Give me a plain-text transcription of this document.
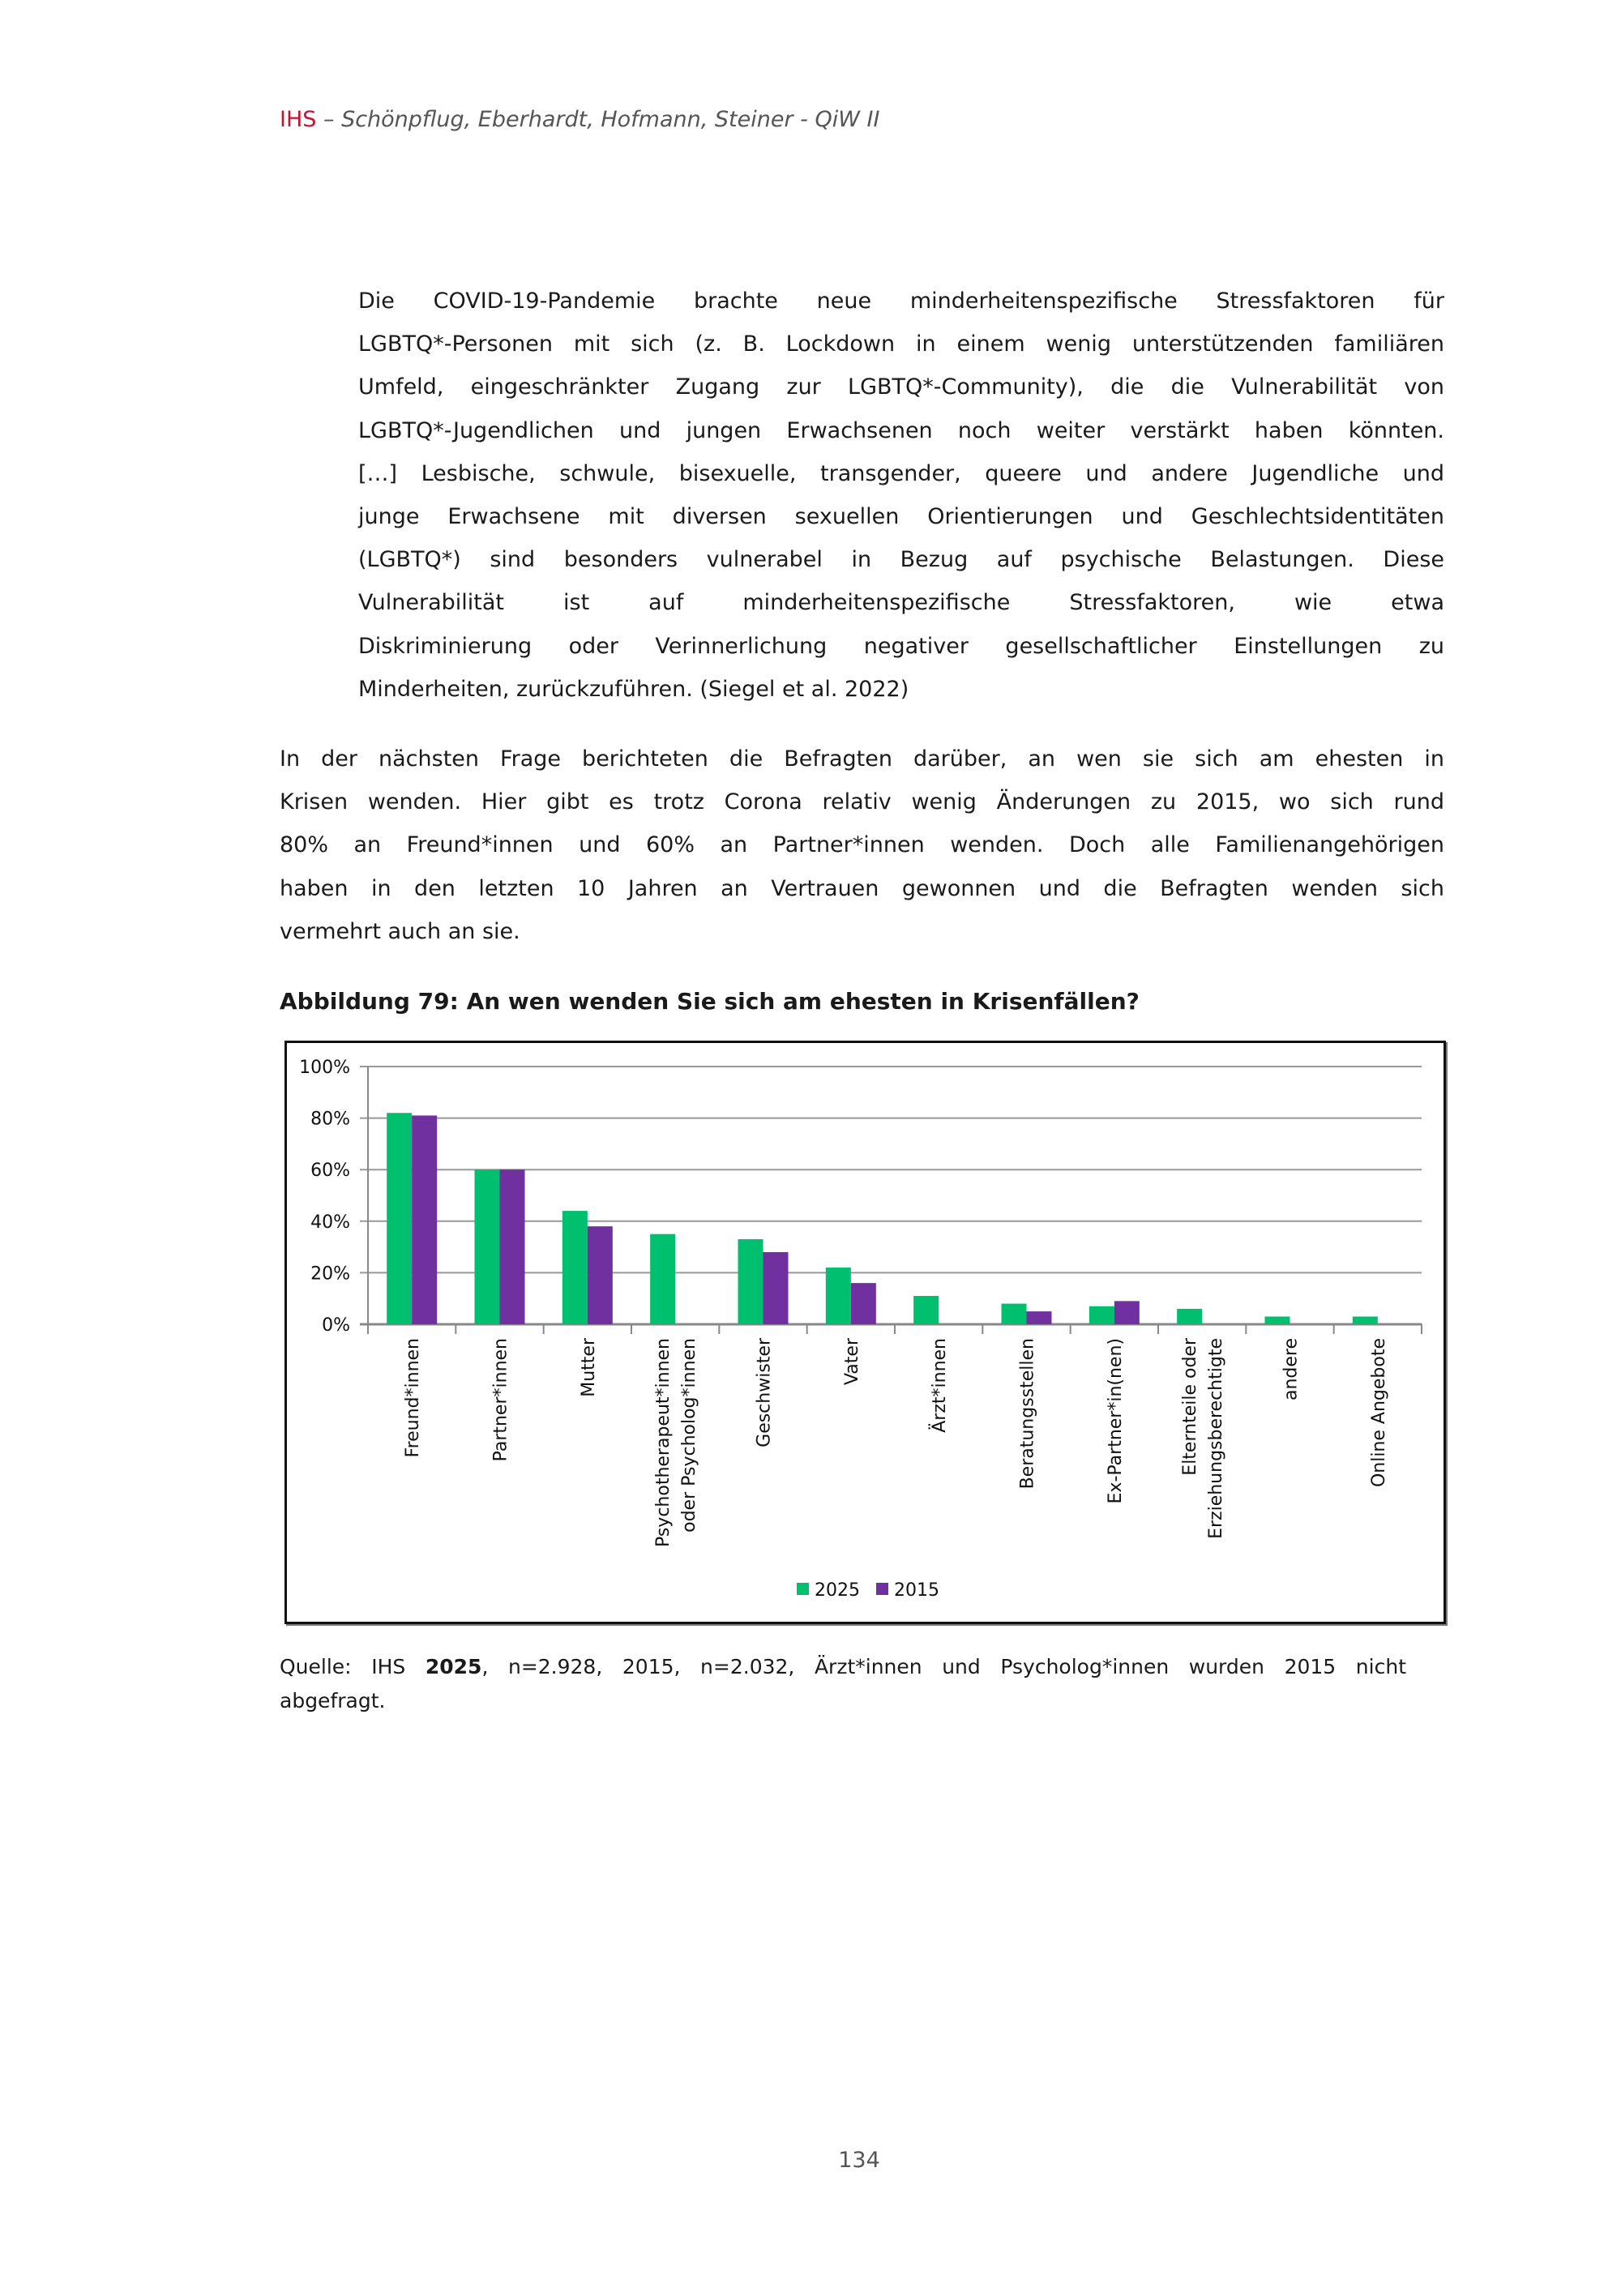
IHS – Schönpflug, Eberhardt, Hofmann, Steiner - QiW II
Die COVID-19-Pandemie brachte neue minderheitenspezifische Stressfaktoren für
LGBTQ*-Personen mit sich (z. B. Lockdown in einem wenig unterstützenden familiären
Umfeld, eingeschränkter Zugang zur LGBTQ*-Community), die die Vulnerabilität von
LGBTQ*-Jugendlichen und jungen Erwachsenen noch weiter verstärkt haben könnten.
[…] Lesbische, schwule, bisexuelle, transgender, queere und andere Jugendliche und
junge Erwachsene mit diversen sexuellen Orientierungen und Geschlechtsidentitäten
(LGBTQ*) sind besonders vulnerabel in Bezug auf psychische Belastungen. Diese
Vulnerabilität ist auf minderheitenspezifische Stressfaktoren, wie etwa
Diskriminierung oder Verinnerlichung negativer gesellschaftlicher Einstellungen zu
Minderheiten, zurückzuführen. (Siegel et al. 2022)
In der nächsten Frage berichteten die Befragten darüber, an wen sie sich am ehesten in
Krisen wenden. Hier gibt es trotz Corona relativ wenig Änderungen zu 2015, wo sich rund
80% an Freund*innen und 60% an Partner*innen wenden. Doch alle Familienangehörigen
haben in den letzten 10 Jahren an Vertrauen gewonnen und die Befragten wenden sich
vermehrt auch an sie.
Abbildung 79: An wen wenden Sie sich am ehesten in Krisenfällen?
0%
20%
40%
60%
80%
100%
Freund*innen	Partner*innen	Mutter	Psychotherapeut*innen oder Psycholog*innen	Geschwister	Vater	Ärzt*innen	Beratungsstellen	Ex-Partner*in(nen)	Elternteile oder Erziehungsberechtigte	andere	Online Angebote
2025 2015
Quelle: IHS 2025, n=2.928, 2015, n=2.032, Ärzt*innen und Psycholog*innen wurden 2015 nicht
abgefragt.
134
